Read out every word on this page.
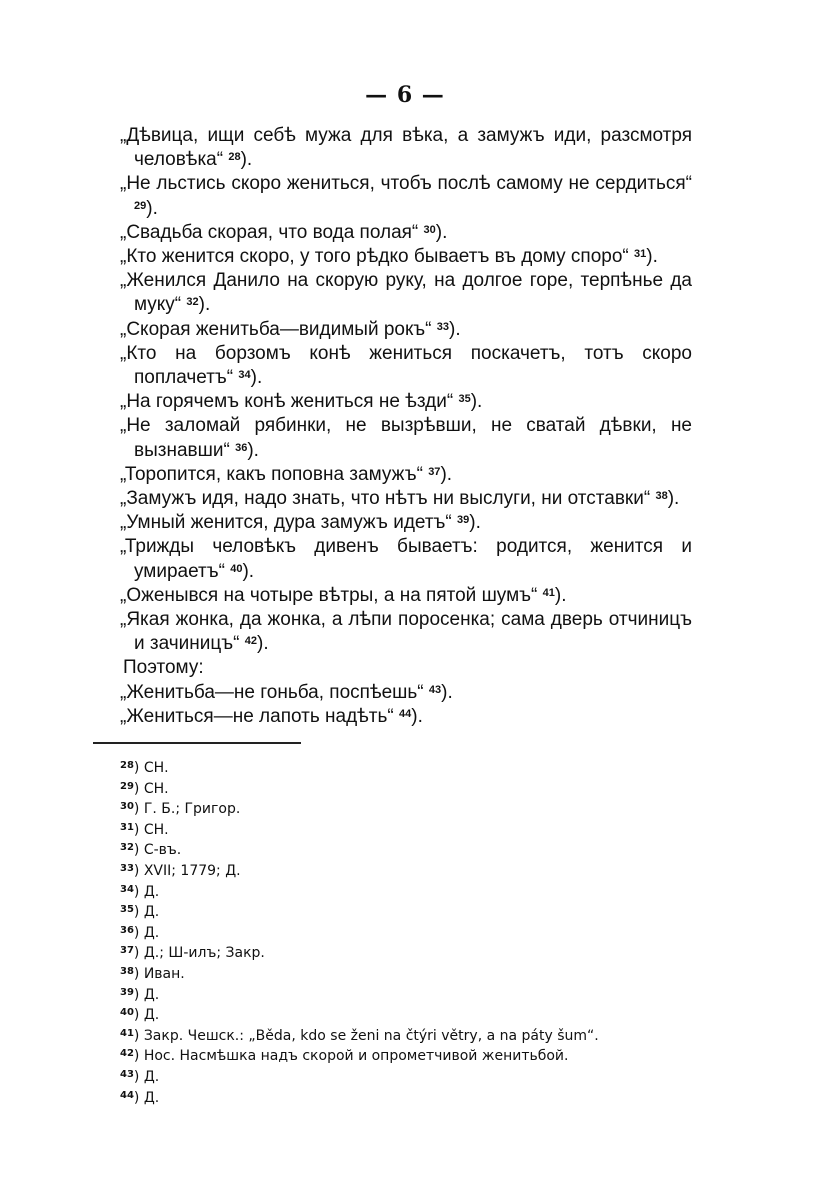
— 6 —

„Дѣвица, ищи себѣ мужа для вѣка, а замужъ иди, разсмотря человѣка“ $^{28}$).

„Не льстись скоро жениться, чтобъ послѣ самому не сердиться“ $^{29}$).

„Свадьба скорая, что вода полая“ $^{30}$).

„Кто женится скоро, у того рѣдко бываетъ въ дому споро“ $^{31}$).

„Женился Данило на скорую руку, на долгое горе, терпѣнье да муку“ $^{32}$).

„Скорая женитьба—видимый рокъ“ $^{33}$).

„Кто на борзомъ конѣ жениться поскачетъ, тотъ скоро поплачетъ“ $^{34}$).

„На горячемъ конѣ жениться не ѣзди“ $^{35}$).

„Не заломай рябинки, не вызрѣвши, не сватай дѣвки, не вызнавши“ $^{36}$).

„Торопится, какъ поповна замужъ“ $^{37}$).

„Замужъ идя, надо знать, что нѣтъ ни выслуги, ни отставки“ $^{38}$).

„Умный женится, дура замужъ идетъ“ $^{39}$).

„Трижды человѣкъ дивенъ бываетъ: родится, женится и умираетъ“ $^{40}$).

„Оженывся на чотыре вѣтры, а на пятой шумъ“ $^{41}$).

„Якая жонка, да жонка, а лѣпи поросенка; сама дверь отчиницъ и зачиницъ“ $^{42}$).

Поэтому:

„Женитьба—не гоньба, поспѣешь“ $^{43}$).

„Жениться—не лапоть надѣть“ $^{44}$).

$^{28}$) СН.

$^{29}$) СН.

$^{30}$) Г. Б.; Григор.

$^{31}$) СН.

$^{32}$) С-въ.

$^{33}$) XVII; 1779; Д.

$^{34}$) Д.

$^{35}$) Д.

$^{36}$) Д.

$^{37}$) Д.; Ш-илъ; Закр.

$^{38}$) Иван.

$^{39}$) Д.

$^{40}$) Д.

$^{41}$) Закр. Чешск.: „Běda, kdo se ženi na čtýri větry, a na páty šum“.

$^{42}$) Нос. Насмѣшка надъ скорой и опрометчивой женитьбой.

$^{43}$) Д.

$^{44}$) Д.
